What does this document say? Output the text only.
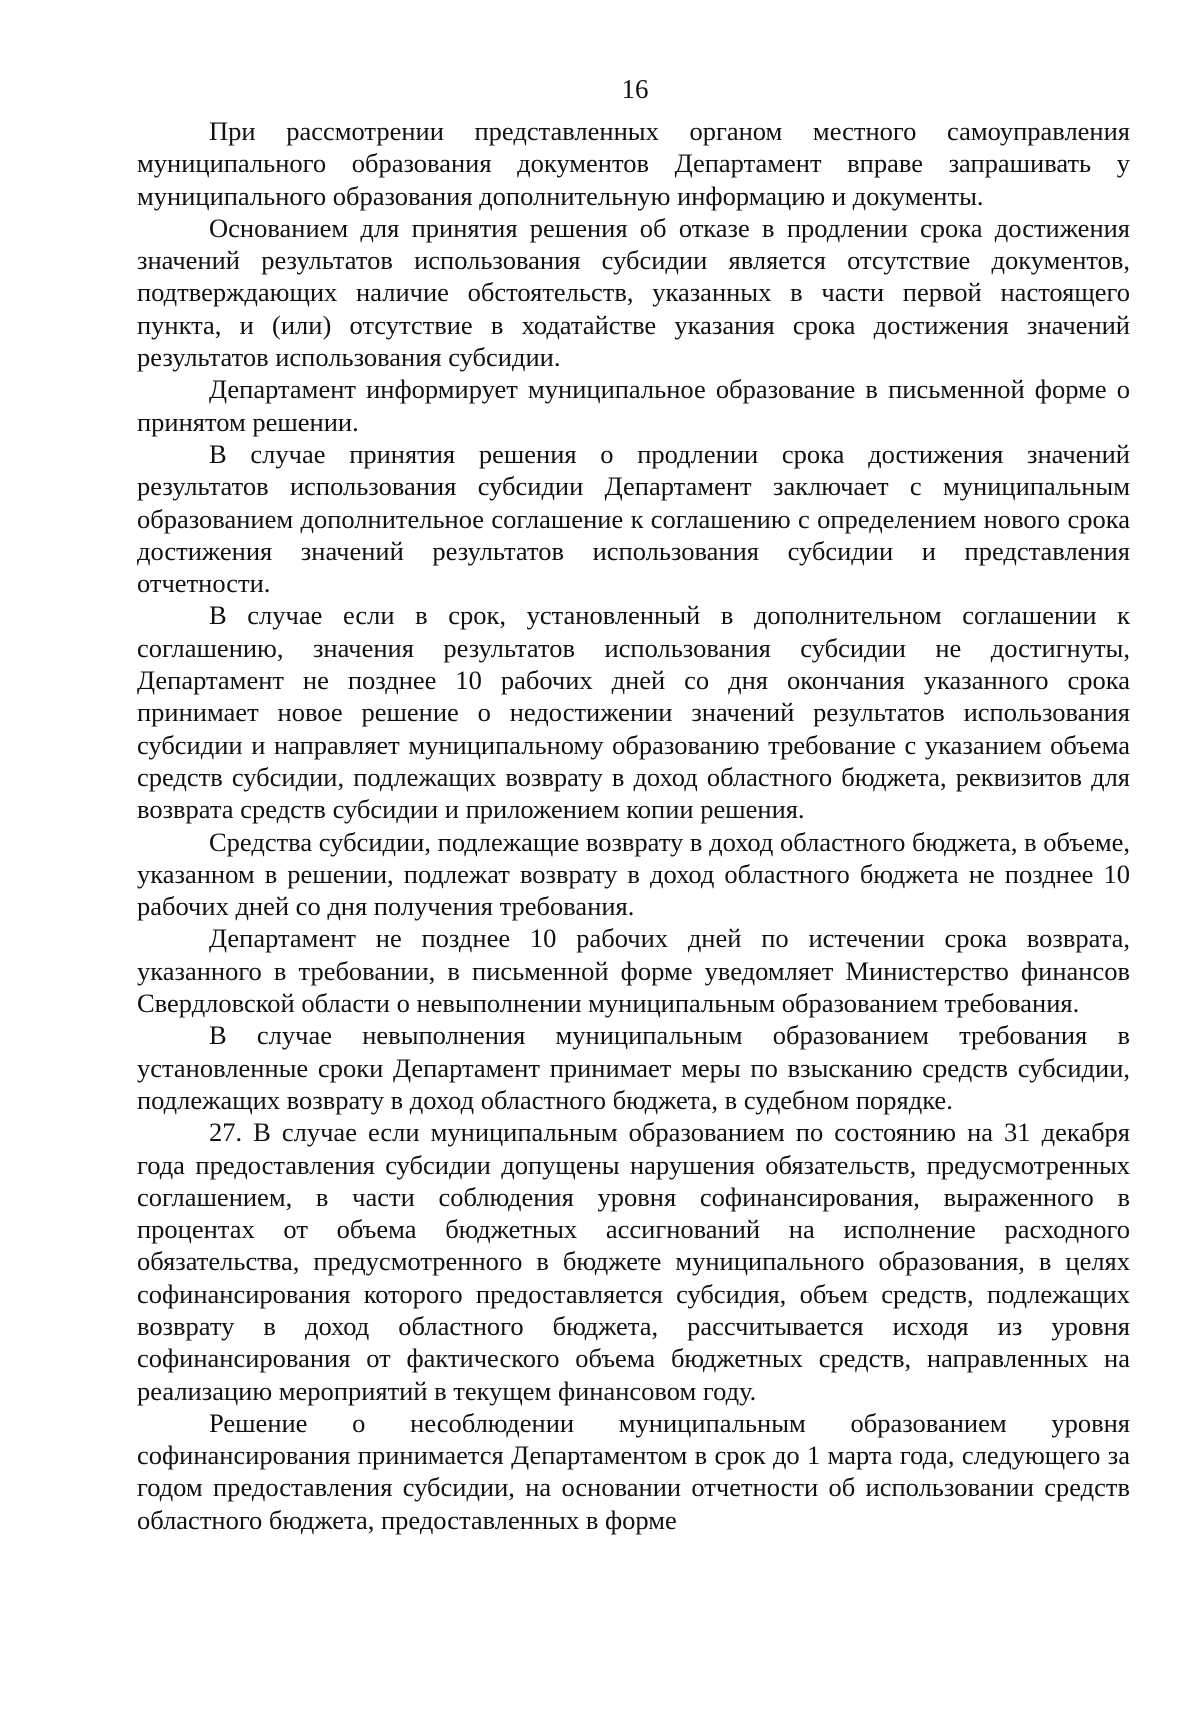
16

При рассмотрении представленных органом местного самоуправления муниципального образования документов Департамент вправе запрашивать у муниципального образования дополнительную информацию и документы.

Основанием для принятия решения об отказе в продлении срока достижения значений результатов использования субсидии является отсутствие документов, подтверждающих наличие обстоятельств, указанных в части первой настоящего пункта, и (или) отсутствие в ходатайстве указания срока достижения значений результатов использования субсидии.

Департамент информирует муниципальное образование в письменной форме о принятом решении.

В случае принятия решения о продлении срока достижения значений результатов использования субсидии Департамент заключает с муниципальным образованием дополнительное соглашение к соглашению с определением нового срока достижения значений результатов использования субсидии и представления отчетности.

В случае если в срок, установленный в дополнительном соглашении к соглашению, значения результатов использования субсидии не достигнуты, Департамент не позднее 10 рабочих дней со дня окончания указанного срока принимает новое решение о недостижении значений результатов использования субсидии и направляет муниципальному образованию требование с указанием объема средств субсидии, подлежащих возврату в доход областного бюджета, реквизитов для возврата средств субсидии и приложением копии решения.

Средства субсидии, подлежащие возврату в доход областного бюджета, в объеме, указанном в решении, подлежат возврату в доход областного бюджета не позднее 10 рабочих дней со дня получения требования.

Департамент не позднее 10 рабочих дней по истечении срока возврата, указанного в требовании, в письменной форме уведомляет Министерство финансов Свердловской области о невыполнении муниципальным образованием требования.

В случае невыполнения муниципальным образованием требования в установленные сроки Департамент принимает меры по взысканию средств субсидии, подлежащих возврату в доход областного бюджета, в судебном порядке.

27. В случае если муниципальным образованием по состоянию на 31 декабря года предоставления субсидии допущены нарушения обязательств, предусмотренных соглашением, в части соблюдения уровня софинансирования, выраженного в процентах от объема бюджетных ассигнований на исполнение расходного обязательства, предусмотренного в бюджете муниципального образования, в целях софинансирования которого предоставляется субсидия, объем средств, подлежащих возврату в доход областного бюджета, рассчитывается исходя из уровня софинансирования от фактического объема бюджетных средств, направленных на реализацию мероприятий в текущем финансовом году.

Решение о несоблюдении муниципальным образованием уровня софинансирования принимается Департаментом в срок до 1 марта года, следующего за годом предоставления субсидии, на основании отчетности об использовании средств областного бюджета, предоставленных в форме
